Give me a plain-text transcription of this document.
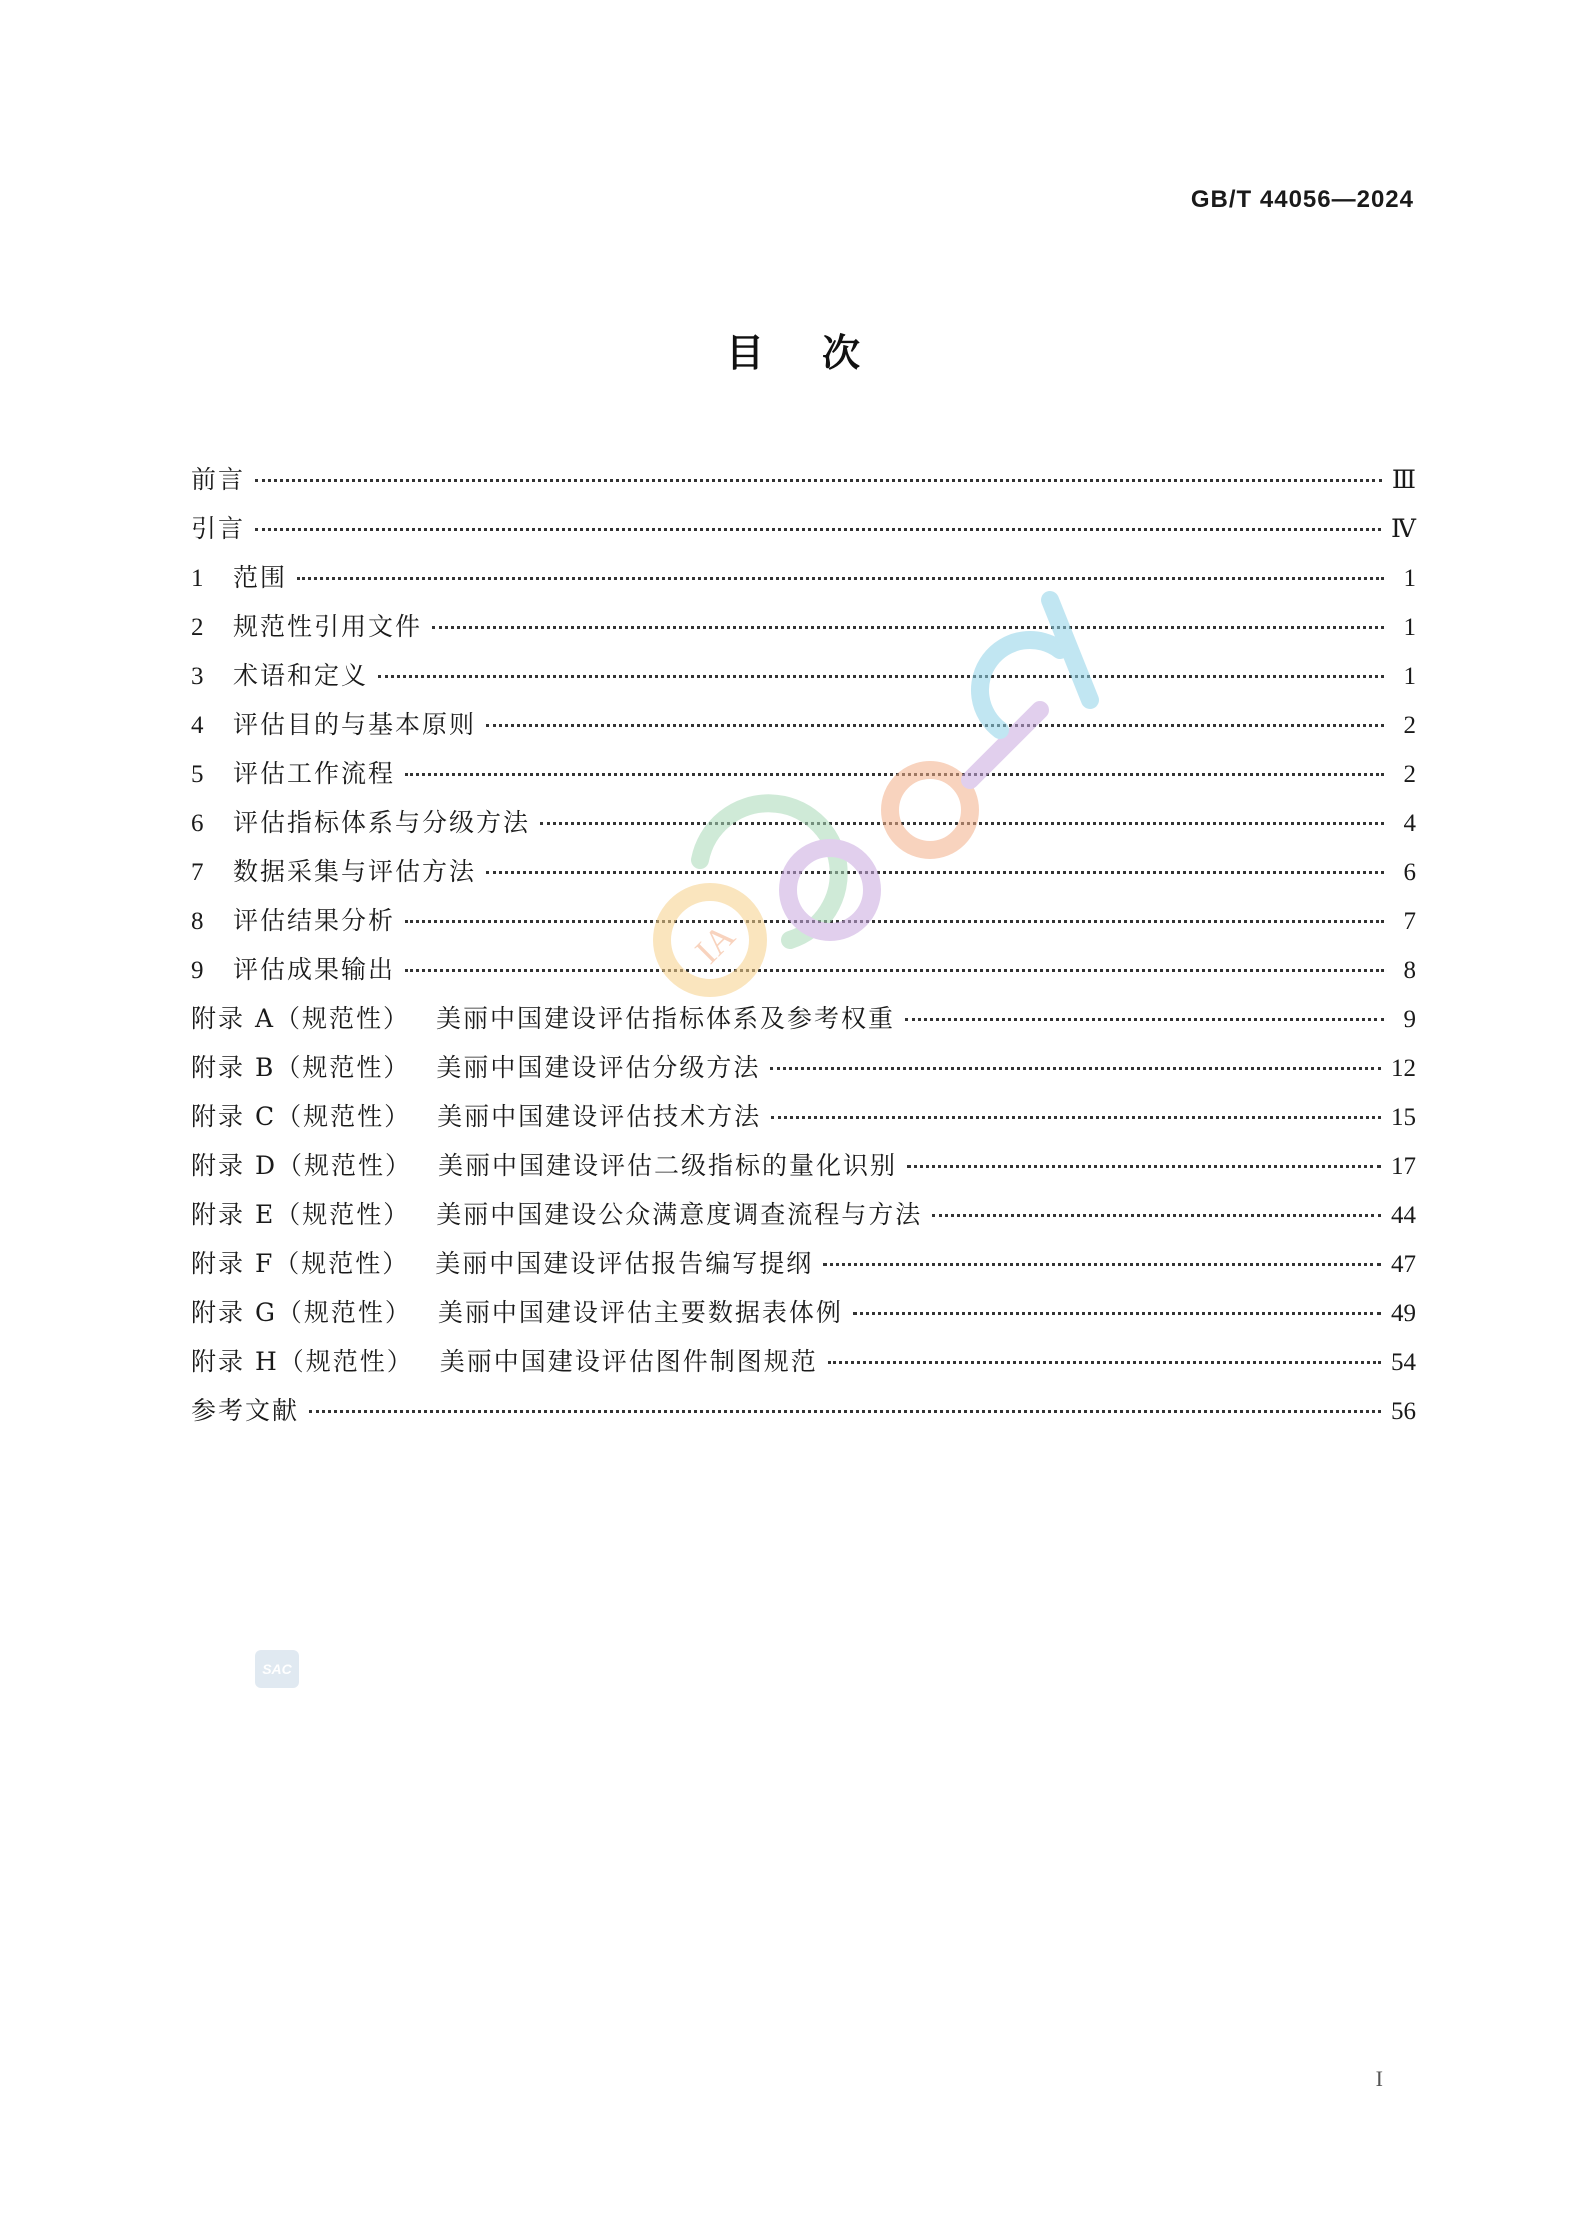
GB/T 44056—2024
目次
前言	Ⅲ
引言	Ⅳ
1	范围	1
2	规范性引用文件	1
3	术语和定义	1
4	评估目的与基本原则	2
5	评估工作流程	2
6	评估指标体系与分级方法	4
7	数据采集与评估方法	6
8	评估结果分析	7
9	评估成果输出	8
附录 A（规范性） 美丽中国建设评估指标体系及参考权重	9
附录 B（规范性） 美丽中国建设评估分级方法	12
附录 C（规范性） 美丽中国建设评估技术方法	15
附录 D（规范性） 美丽中国建设评估二级指标的量化识别	17
附录 E（规范性） 美丽中国建设公众满意度调查流程与方法	44
附录 F（规范性） 美丽中国建设评估报告编写提纲	47
附录 G（规范性） 美丽中国建设评估主要数据表体例	49
附录 H（规范性） 美丽中国建设评估图件制图规范	54
参考文献	56
IA
SAC
I
